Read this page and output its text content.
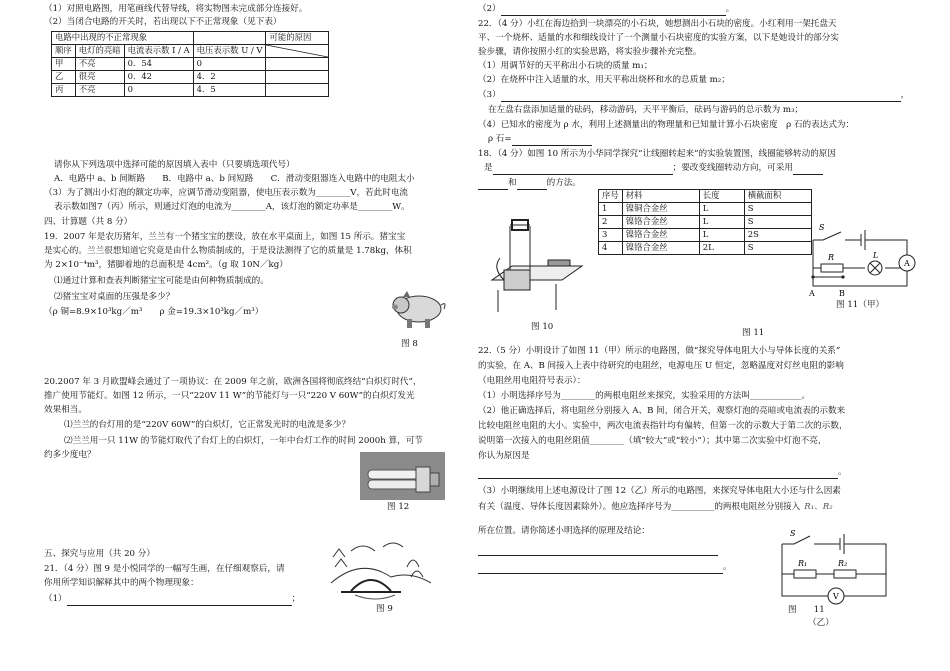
（1）对照电路图，用笔画线代替导线，将实物图未完成部分连接好。
（2）当闭合电路的开关时，若出现以下不正常现象（见下表）
电路中出现的不正常现象				可能的原因
顺序	电灯的亮暗	电流表示数 I / A	电压表示数 U / V	

甲	不亮	0．54	0	
乙	很亮	0．42	4．2	
丙	不亮	0	4．5	
请你从下列选项中选择可能的原因填入表中（只要填选项代号）
A．电路中 a、b 间断路　　B．电路中 a、b 间短路　　C．滑动变阻器连入电路中的电阻太小
（3）为了测出小灯泡的额定功率，应调节滑动变阻器，使电压表示数为________V，若此时电流
表示数如图7（丙）所示，则通过灯泡的电流为________A，该灯泡的额定功率是________W。
四、计算题（共 8 分）
19．2007 年是农历猪年，兰兰有一个猪宝宝的摆设，放在水平桌面上，如图 15 所示。猪宝宝
是实心的。兰兰很想知道它究竟是由什么物质制成的，于是设法测得了它的质量是 1.78kg，体积
为 2×10⁻⁴m³，猪脚着地的总面积是 4cm²。（g 取 10N／kg）
⑴通过计算和查表判断猪宝宝可能是由何种物质制成的。
⑵猪宝宝对桌面的压强是多少？
（ρ 铜=8.9×10³kg／m³　　ρ 金=19.3×10³kg／m³）
图 8
20.2007 年 3 月欧盟峰会通过了一项协议：在 2009 年之前，欧洲各国将彻底终结“白炽灯时代”，
推广使用节能灯。如图 12 所示，一只“220V 11 W”的节能灯与一只“220 V 60W”的白炽灯发光
效果相当。
⑴兰兰的台灯用的是“220V 60W”的白炽灯，它正常发光时的电流是多少？
⑵兰兰用一只 11W 的节能灯取代了台灯上的白炽灯，一年中台灯工作的时间 2000h 算，可节
约多少度电？
图 12
五、探究与应用（共 20 分）
21．（4 分）图 9 是小悦同学的一幅写生画，在仔细观察后，请
你用所学知识解释其中的两个物理现象：
（1）	；
图 9
（2）	。
22．（4 分）小红在海边拾到一块漂亮的小石块，她想测出小石块的密度。小红利用一架托盘天
平、一个烧杯、适量的水和细线设计了一个测量小石块密度的实验方案，以下是她设计的部分实
验步骤，请你按照小红的实验思路，将实验步骤补充完整。
（1）用调节好的天平称出小石块的质量 m₁；
（2）在烧杯中注入适量的水，用天平称出烧杯和水的总质量 m₂；
（3）	，
在左盘右盘添加适量的砝码，移动游码，天平平衡后，砝码与游码的总示数为 m₃；
（4）已知水的密度为 ρ 水，利用上述测量出的物理量和已知量计算小石块密度　ρ 石的表达式为：
ρ 石=
18．（4 分）如图 10 所示为小华同学探究“让线圈转起来”的实验装置图，线圈能够转动的原因
是	；要改变线圈转动方向，可采用
和	的方法。
图 10
序号	材料	长度	横截面积
1	镍铜合金丝	L	S
2	镍铬合金丝	L	S
3	镍铬合金丝	L	2S
4	镍铬合金丝	2L	S
图 11
S
R	L
A
A	B
图 11（甲）
22.（5 分）小明设计了如图 11（甲）所示的电路图，做“探究导体电阻大小与导体长度的关系”
的实验，在 A、B 间接入上表中待研究的电阻丝，电源电压 U 恒定，忽略温度对灯丝电阻的影响
（电阻丝用电阻符号表示）：
（1）小明选择序号为________的两根电阻丝来探究，实验采用的方法叫____________。
（2）他正确选择后，将电阻丝分别接入 A、B 间，闭合开关，观察灯泡的亮暗或电流表的示数来
比较电阻丝电阻的大小。实验中，两次电流表指针均有偏转，但第一次的示数大于第二次的示数，
说明第一次接入的电阻丝阻值________（填“较大”或“较小”）；其中第二次实验中灯泡不亮，
你认为原因是
。
（3）小明继续用上述电源设计了图 12（乙）所示的电路图，来探究导体电阻大小还与什么因素
有关（温度、导体长度因素除外）。他应选择序号为__________的两根电阻丝分别接入 R₁、R₂
所在位置。请你简述小明选择的原理及结论：
。
S
R₁	R₂
V
图　　11
（乙）
